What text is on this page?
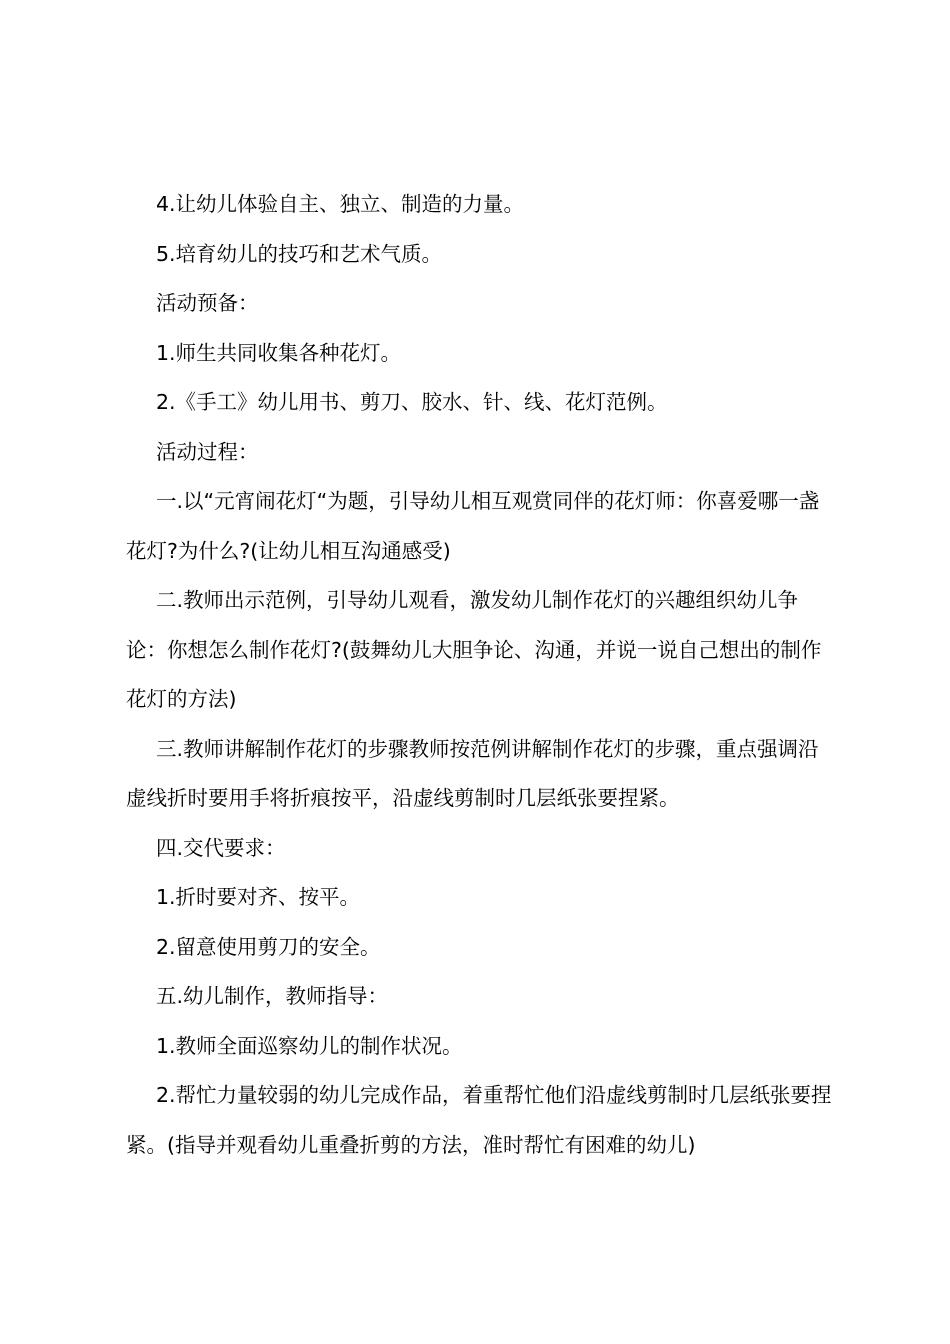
4.让幼儿体验自主、独立、制造的力量。

5.培育幼儿的技巧和艺术气质。

活动预备：

1.师生共同收集各种花灯。

2.《手工》幼儿用书、剪刀、胶水、针、线、花灯范例。

活动过程：

一.以“元宵闹花灯“为题，引导幼儿相互观赏同伴的花灯师：你喜爱哪一盏花灯?为什么?(让幼儿相互沟通感受)

二.教师出示范例，引导幼儿观看，激发幼儿制作花灯的兴趣组织幼儿争论：你想怎么制作花灯?(鼓舞幼儿大胆争论、沟通，并说一说自己想出的制作花灯的方法)

三.教师讲解制作花灯的步骤教师按范例讲解制作花灯的步骤，重点强调沿虚线折时要用手将折痕按平，沿虚线剪制时几层纸张要捏紧。

四.交代要求：

1.折时要对齐、按平。

2.留意使用剪刀的安全。

五.幼儿制作，教师指导：

1.教师全面巡察幼儿的制作状况。

2.帮忙力量较弱的幼儿完成作品，着重帮忙他们沿虚线剪制时几层纸张要捏紧。(指导并观看幼儿重叠折剪的方法，准时帮忙有困难的幼儿)
